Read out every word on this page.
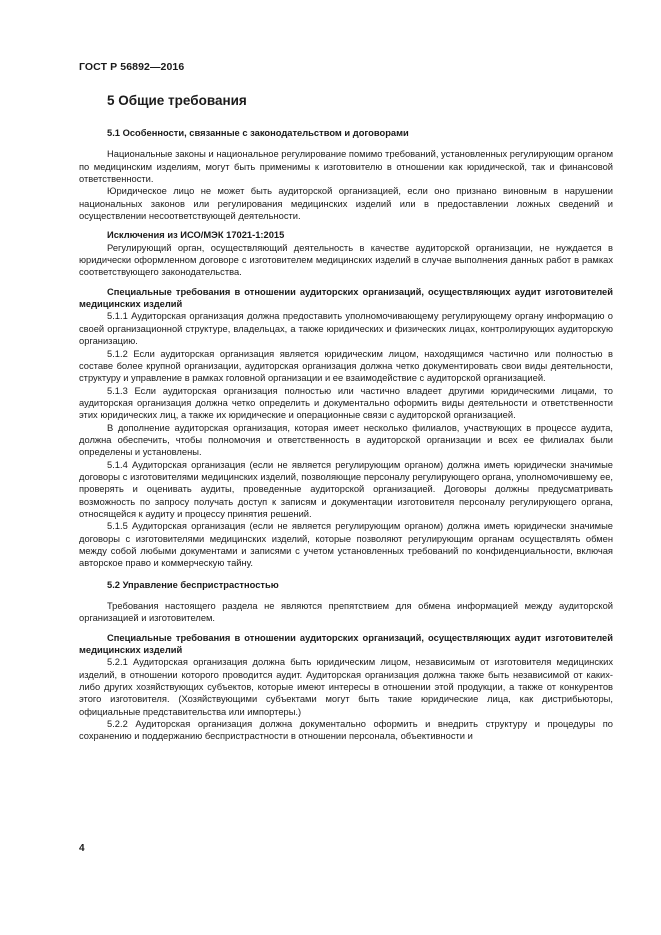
ГОСТ Р 56892—2016
5 Общие требования

5.1 Особенности, связанные с законодательством и договорами

Национальные законы и национальное регулирование помимо требований, установленных регулирующим органом по медицинским изделиям, могут быть применимы к изготовителю в отношении как юридической, так и финансовой ответственности.

Юридическое лицо не может быть аудиторской организацией, если оно признано виновным в нарушении национальных законов или регулирования медицинских изделий или в предоставлении ложных сведений и осуществлении несоответствующей деятельности.

Исключения из ИСО/МЭК 17021-1:2015

Регулирующий орган, осуществляющий деятельность в качестве аудиторской организации, не нуждается в юридически оформленном договоре с изготовителем медицинских изделий в случае выполнения данных работ в рамках соответствующего законодательства.

Специальные требования в отношении аудиторских организаций, осуществляющих аудит изготовителей медицинских изделий

5.1.1 Аудиторская организация должна предоставить уполномочивающему регулирующему органу информацию о своей организационной структуре, владельцах, а также юридических и физических лицах, контролирующих аудиторскую организацию.

5.1.2 Если аудиторская организация является юридическим лицом, находящимся частично или полностью в составе более крупной организации, аудиторская организация должна четко документировать свои виды деятельности, структуру и управление в рамках головной организации и ее взаимодействие с аудиторской организацией.

5.1.3 Если аудиторская организация полностью или частично владеет другими юридическими лицами, то аудиторская организация должна четко определить и документально оформить виды деятельности и ответственности этих юридических лиц, а также их юридические и операционные связи с аудиторской организацией.

В дополнение аудиторская организация, которая имеет несколько филиалов, участвующих в процессе аудита, должна обеспечить, чтобы полномочия и ответственность в аудиторской организации и всех ее филиалах были определены и установлены.

5.1.4 Аудиторская организация (если не является регулирующим органом) должна иметь юридически значимые договоры с изготовителями медицинских изделий, позволяющие персоналу регулирующего органа, уполномочившему ее, проверять и оценивать аудиты, проведенные аудиторской организацией. Договоры должны предусматривать возможность по запросу получать доступ к записям и документации изготовителя персоналу регулирующего органа, относящейся к аудиту и процессу принятия решений.

5.1.5 Аудиторская организация (если не является регулирующим органом) должна иметь юридически значимые договоры с изготовителями медицинских изделий, которые позволяют регулирующим органам осуществлять обмен между собой любыми документами и записями с учетом установленных требований по конфиденциальности, включая авторское право и коммерческую тайну.

5.2 Управление беспристрастностью

Требования настоящего раздела не являются препятствием для обмена информацией между аудиторской организацией и изготовителем.

Специальные требования в отношении аудиторских организаций, осуществляющих аудит изготовителей медицинских изделий

5.2.1 Аудиторская организация должна быть юридическим лицом, независимым от изготовителя медицинских изделий, в отношении которого проводится аудит. Аудиторская организация должна также быть независимой от каких-либо других хозяйствующих субъектов, которые имеют интересы в отношении этой продукции, а также от конкурентов этого изготовителя. (Хозяйствующими субъектами могут быть такие юридические лица, как дистрибьюторы, официальные представительства или импортеры.)

5.2.2 Аудиторская организация должна документально оформить и внедрить структуру и процедуры по сохранению и поддержанию беспристрастности в отношении персонала, объективности и

4
